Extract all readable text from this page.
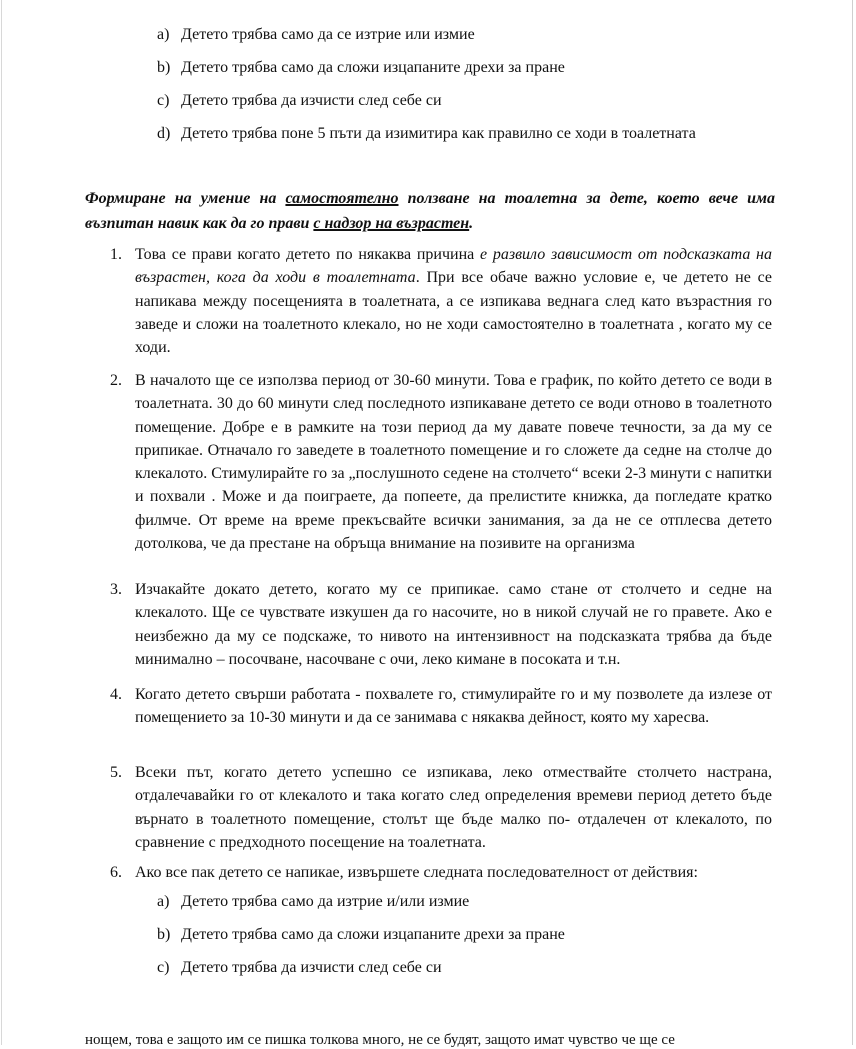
a) Детето трябва само да се изтрие или измие
b) Детето трябва само да сложи изцапаните дрехи за пране
c) Детето трябва да изчисти след себе си
d) Детето трябва поне 5 пъти да изимитира как правилно се ходи в тоалетната
Формиране на умение на самостоятелно ползване на тоалетна за дете, което вече има възпитан навик как да го прави с надзор на възрастен.
1. Това се прави когато детето по някаква причина е развило зависимост от подсказката на възрастен, кога да ходи в тоалетната. При все обаче важно условие е, че детето не се напикава между посещенията в тоалетната, а се изпикава веднага след като възрастния го заведе и сложи на тоалетното клекало, но не ходи самостоятелно в тоалетната , когато му се ходи.
2. В началото ще се използва период от 30-60 минути. Това е график, по който детето се води в тоалетната. 30 до 60 минути след последното изпикаване детето се води отново в тоалетното помещение. Добре е в рамките на този период да му давате повече течности, за да му се припикае. Отначало го заведете в тоалетното помещение и го сложете да седне на столче до клекалото. Стимулирайте го за „послушното седене на столчето“ всеки 2-3 минути с напитки и похвали . Може и да поиграете, да попеете, да прелистите книжка, да погледате кратко филмче. От време на време прекъсвайте всички занимания, за да не се отплесва детето дотолкова, че да престане на обръща внимание на позивите на организма
3. Изчакайте докато детето, когато му се припикае. само стане от столчето и седне на клекалото. Ще се чувствате изкушен да го насочите, но в никой случай не го правете. Ако е неизбежно да му се подскаже, то нивото на интензивност на подсказката трябва да бъде минимално – посочване, насочване с очи, леко кимане в посоката и т.н.
4. Когато детето свърши работата - похвалете го, стимулирайте го и му позволете да излезе от помещението за 10-30 минути и да се занимава с някаква дейност, която му харесва.
5. Всеки път, когато детето успешно се изпикава, леко отмествайте столчето настрана, отдалечавайки го от клекалото и така когато след определения времеви период детето бъде върнато в тоалетното помещение, столът ще бъде малко по- отдалечен от клекалото, по сравнение с предходното посещение на тоалетната.
6. Ако все пак детето се напикае, извършете следната последователност от действия:
a) Детето трябва само да изтрие и/или измие
b) Детето трябва само да сложи изцапаните дрехи за пране
c) Детето трябва да изчисти след себе си
нощем, това е защото им се пишка толкова много, не се будят, защото имат чувство че ще се
